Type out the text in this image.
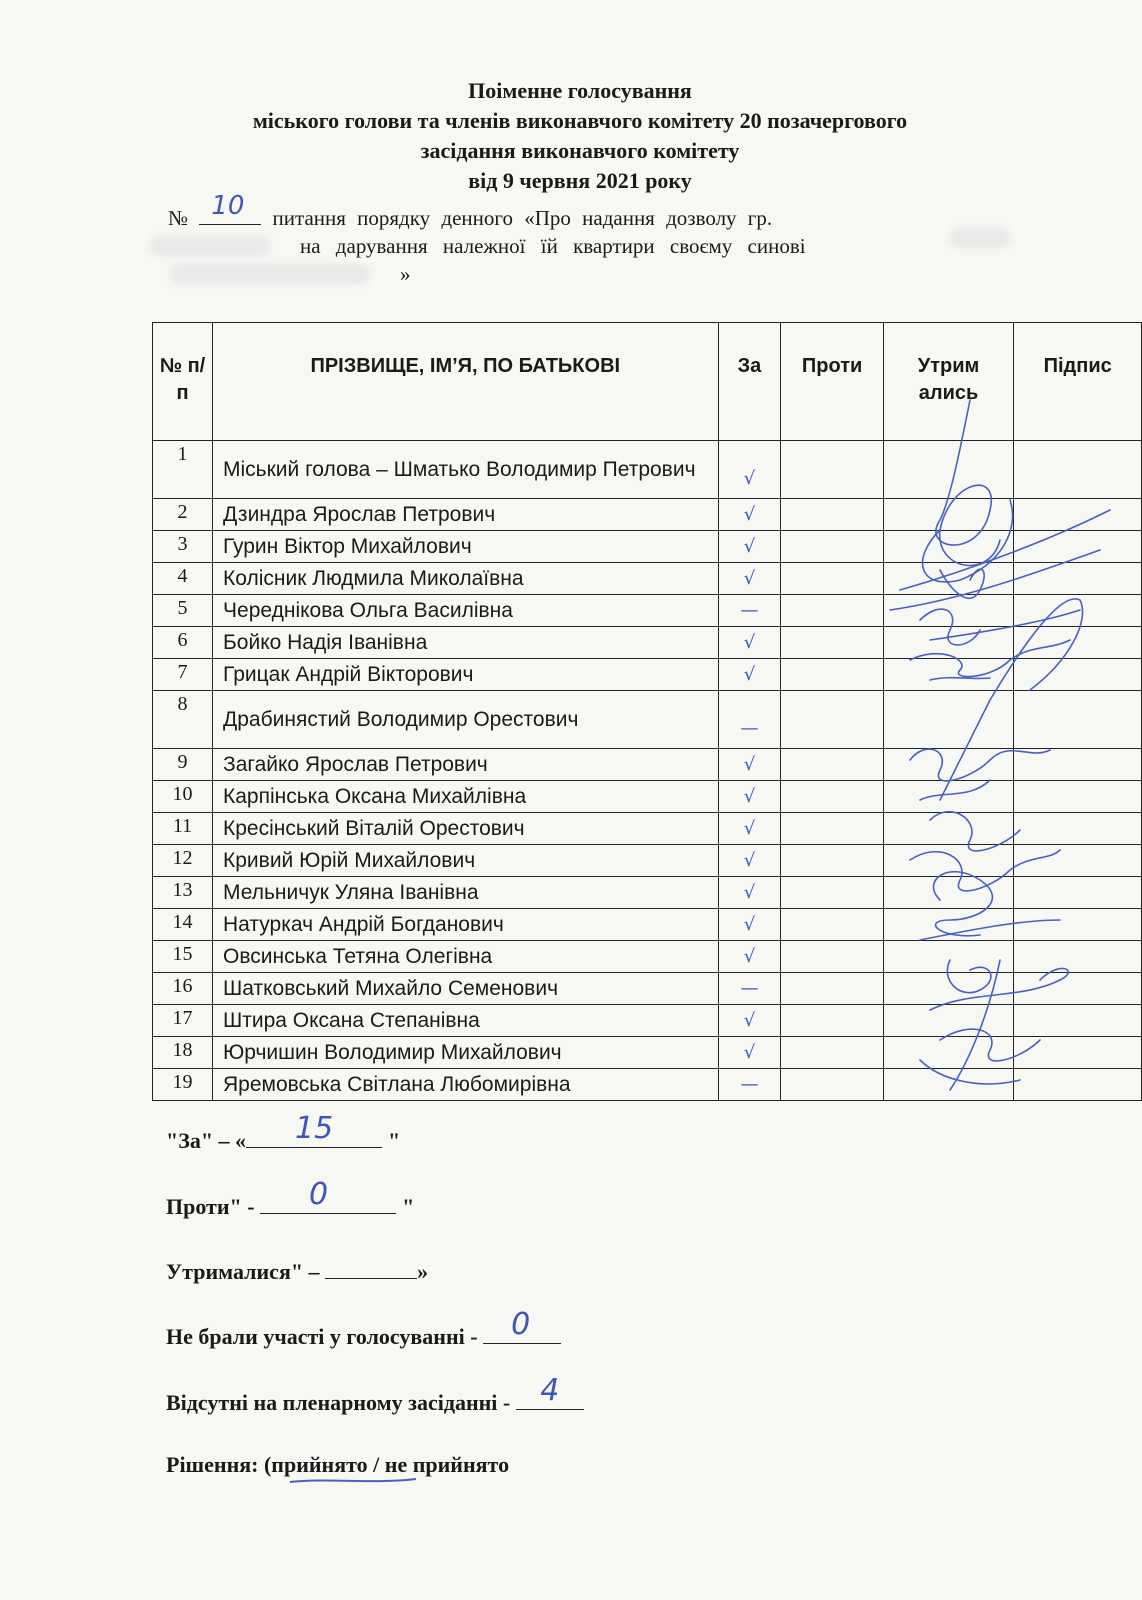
Поіменне голосування
міського голови та членів виконавчого комітету 20 позачергового
засідання виконавчого комітету
від 9 червня 2021 року
№ 10 питання порядку денного «Про надання дозволу гр.
на дарування належної їй квартири своєму синові
»
№ п/п	ПРІЗВИЩЕ, ІМ’Я, ПО БАТЬКОВІ	За	Проти	Утрим ались	Підпис
1	Міський голова – Шматько Володимир Петрович	√			
2	Дзиндра Ярослав Петрович	√			
3	Гурин Віктор Михайлович	√			
4	Колісник Людмила Миколаївна	√			
5	Череднікова Ольга Василівна	—			
6	Бойко Надія Іванівна	√			
7	Грицак Андрій Вікторович	√			
8	Драбинястий Володимир Орестович	—			
9	Загайко Ярослав Петрович	√			
10	Карпінська Оксана Михайлівна	√			
11	Кресінський Віталій Орестович	√			
12	Кривий Юрій Михайлович	√			
13	Мельничук Уляна Іванівна	√			
14	Натуркач Андрій Богданович	√			
15	Овсинська Тетяна Олегівна	√			
16	Шатковський Михайло Семенович	—			
17	Штира Оксана Степанівна	√			
18	Юрчишин Володимир Михайлович	√			
19	Яремовська Світлана Любомирівна	—			
"За" – « 15 "
Проти" - 0	"
Утрималися" –	»
Не брали участі у голосуванні - 0
Відсутні на пленарному засіданні - 4
Рішення: (прийнято / не прийнято
